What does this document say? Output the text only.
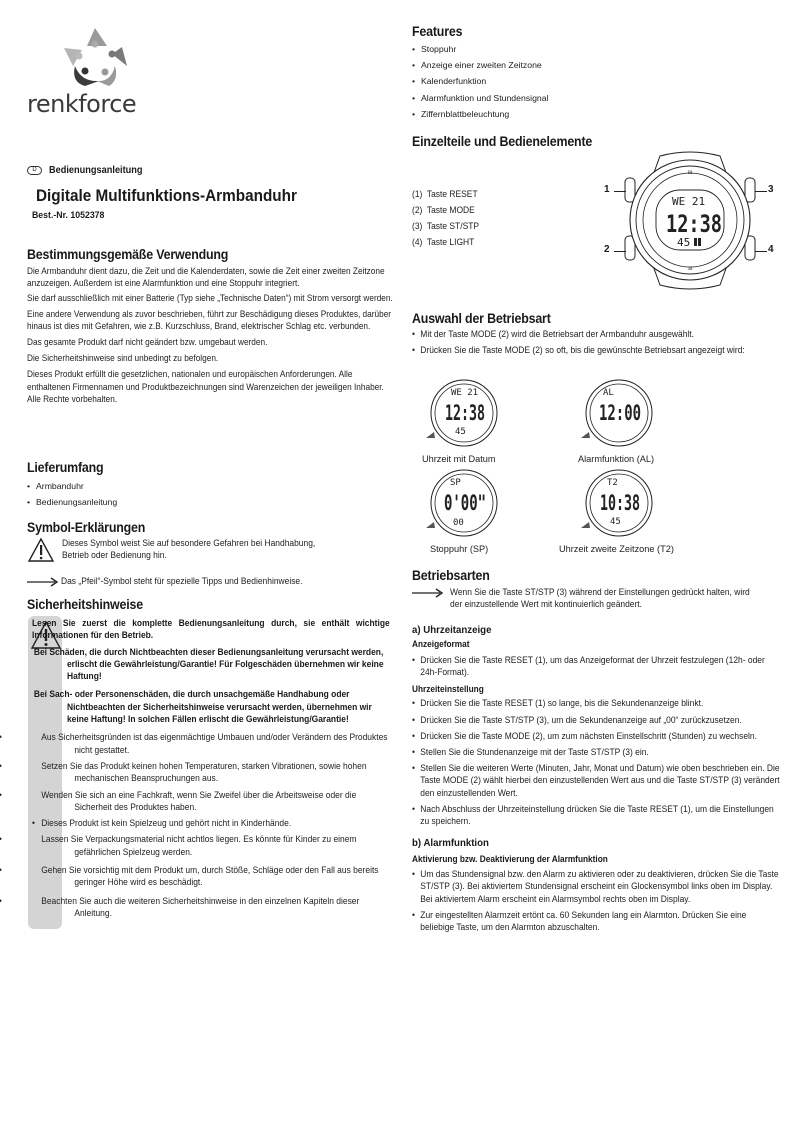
renkforce
D	Bedienungsanleitung
Digitale Multifunktions-Armbanduhr
Best.-Nr. 1052378
Bestimmungsgemäße Verwendung

Die Armbanduhr dient dazu, die Zeit und die Kalenderdaten, sowie die Zeit einer zweiten Zeitzone anzuzeigen. Außerdem ist eine Alarmfunktion und eine Stoppuhr integriert.

Sie darf ausschließlich mit einer Batterie (Typ siehe „Technische Daten“) mit Strom versorgt werden.

Eine andere Verwendung als zuvor beschrieben, führt zur Beschädigung dieses Produktes, darüber hinaus ist dies mit Gefahren, wie z.B. Kurzschluss, Brand, elektrischer Schlag etc. verbunden.

Das gesamte Produkt darf nicht geändert bzw. umgebaut werden.

Die Sicherheitshinweise sind unbedingt zu befolgen.

Dieses Produkt erfüllt die gesetzlichen, nationalen und europäischen Anforderungen. Alle enthaltenen Firmennamen und Produktbezeichnungen sind Warenzeichen der jeweiligen Inhaber. Alle Rechte vorbehalten.

Lieferumfang
• Armbanduhr
• Bedienungsanleitung
Symbol-Erklärungen
Dieses Symbol weist Sie auf besondere Gefahren bei Handhabung, Betrieb oder Bedienung hin.
Das „Pfeil“-Symbol steht für spezielle Tipps und Bedienhinweise.
Sicherheitshinweise
Lesen Sie zuerst die komplette Bedienungsanleitung durch, sie enthält wichtige Informationen für den Betrieb.
Bei Schäden, die durch Nichtbeachten dieser Bedienungsanleitung verursacht werden, erlischt die Gewährleistung/Garantie! Für Folgeschäden übernehmen wir keine Haftung!
Bei Sach- oder Personenschäden, die durch unsachgemäße Handhabung oder Nichtbeachten der Sicherheitshinweise verursacht werden, übernehmen wir keine Haftung! In solchen Fällen erlischt die Gewährleistung/Garantie!
• Aus Sicherheitsgründen ist das eigenmächtige Umbauen und/oder Verändern des Produktes nicht gestattet.
• Setzen Sie das Produkt keinen hohen Temperaturen, starken Vibrationen, sowie hohen mechanischen Beanspruchungen aus.
• Wenden Sie sich an eine Fachkraft, wenn Sie Zweifel über die Arbeitsweise oder die Sicherheit des Produktes haben.
• Dieses Produkt ist kein Spielzeug und gehört nicht in Kinderhände.
• Lassen Sie Verpackungsmaterial nicht achtlos liegen. Es könnte für Kinder zu einem gefährlichen Spielzeug werden.
• Gehen Sie vorsichtig mit dem Produkt um, durch Stöße, Schläge oder den Fall aus bereits geringer Höhe wird es beschädigt.
• Beachten Sie auch die weiteren Sicherheitshinweise in den einzelnen Kapiteln dieser Anleitung.
Features
• Stoppuhr
• Anzeige einer zweiten Zeitzone
• Kalenderfunktion
• Alarmfunktion und Stundensignal
• Ziffernblattbeleuchtung
Einzelteile und Bedienelemente
(1)  Taste RESET
(2)  Taste MODE
(3)  Taste ST/STP
(4)  Taste LIGHT
60
30
WE 21
12:38
45
1
2
3
4
Auswahl der Betriebsart
• Mit der Taste MODE (2) wird die Betriebsart der Armbanduhr ausgewählt.
• Drücken Sie die Taste MODE (2) so oft, bis die gewünschte Betriebsart angezeigt wird:
WE 21
12:38
45
Uhrzeit mit Datum
AL
12:00
Alarmfunktion (AL)
SP
0'00"
00
Stoppuhr (SP)
T2
10:38
45
Uhrzeit zweite Zeitzone (T2)
Betriebsarten
Wenn Sie die Taste ST/STP (3) während der Einstellungen gedrückt halten, wird der einzustellende Wert mit kontinuierlich geändert.
a) Uhrzeitanzeige
Anzeigeformat
• Drücken Sie die Taste RESET (1), um das Anzeigeformat der Uhrzeit festzulegen (12h- oder 24h-Format).
Uhrzeiteinstellung
• Drücken Sie die Taste RESET (1) so lange, bis die Sekundenanzeige blinkt.
• Drücken Sie die Taste ST/STP (3), um die Sekundenanzeige auf „00“ zurückzusetzen.
• Drücken Sie die Taste MODE (2), um zum nächsten Einstellschritt (Stunden) zu wechseln.
• Stellen Sie die Stundenanzeige mit der Taste ST/STP (3) ein.
• Stellen Sie die weiteren Werte (Minuten, Jahr, Monat und Datum) wie oben beschrieben ein. Die Taste MODE (2) wählt hierbei den einzustellenden Wert aus und die Taste ST/STP (3) verändert den einzustellenden Wert.
• Nach Abschluss der Uhrzeiteinstellung drücken Sie die Taste RESET (1), um die Einstellungen zu speichern.
b) Alarmfunktion
Aktivierung bzw. Deaktivierung der Alarmfunktion
• Um das Stundensignal bzw. den Alarm zu aktivieren oder zu deaktivieren, drücken Sie die Taste ST/STP (3). Bei aktiviertem Stundensignal erscheint ein Glockensymbol links oben im Display. Bei aktiviertem Alarm erscheint ein Alarmsymbol rechts oben im Display.
• Zur eingestellten Alarmzeit ertönt ca. 60 Sekunden lang ein Alarmton. Drücken Sie eine beliebige Taste, um den Alarmton abzuschalten.
